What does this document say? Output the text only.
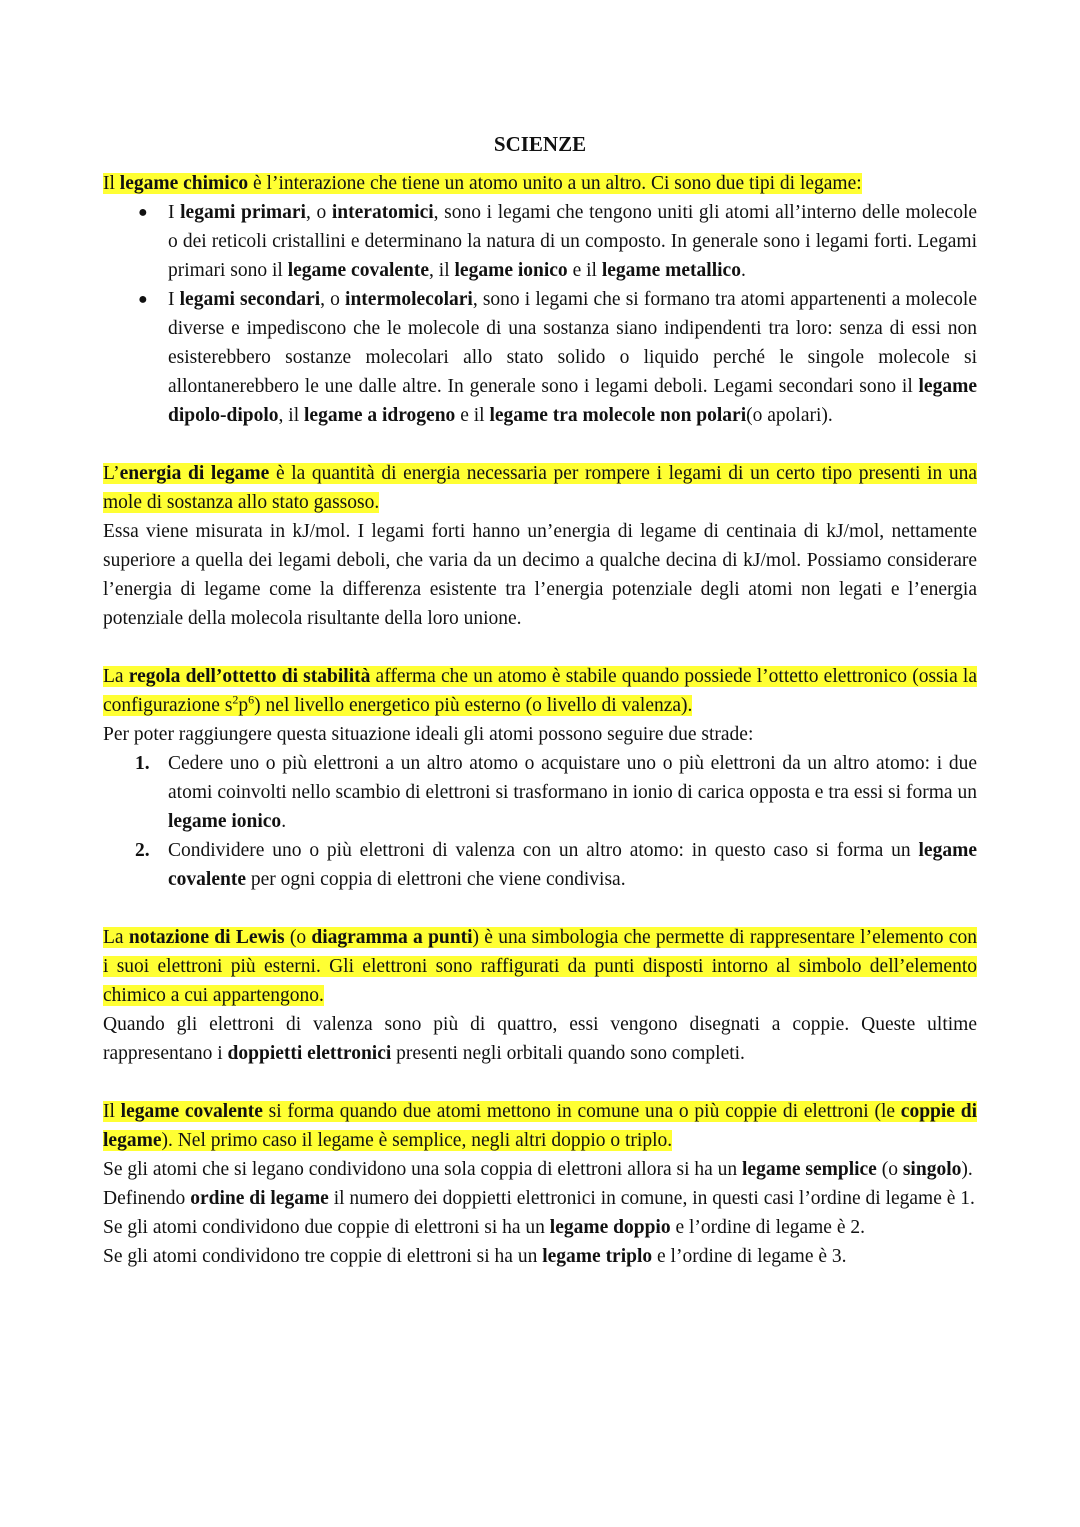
SCIENZE

Il legame chimico è l’interazione che tiene un atomo unito a un altro. Ci sono due tipi di legame:

● I legami primari, o interatomici, sono i legami che tengono uniti gli atomi all’interno delle molecole o dei reticoli cristallini e determinano la natura di un composto. In generale sono i legami forti. Legami primari sono il legame covalente, il legame ionico e il legame metallico.
● I legami secondari, o intermolecolari, sono i legami che si formano tra atomi appartenenti a molecole diverse e impediscono che le molecole di una sostanza siano indipendenti tra loro: senza di essi non esisterebbero sostanze molecolari allo stato solido o liquido perché le singole molecole si allontanerebbero le une dalle altre. In generale sono i legami deboli. Legami secondari sono il legame dipolo-dipolo, il legame a idrogeno e il legame tra molecole non polari(o apolari).

L’energia di legame è la quantità di energia necessaria per rompere i legami di un certo tipo presenti in una mole di sostanza allo stato gassoso.

Essa viene misurata in kJ/mol. I legami forti hanno un’energia di legame di centinaia di kJ/mol, nettamente superiore a quella dei legami deboli, che varia da un decimo a qualche decina di kJ/mol. Possiamo considerare l’energia di legame come la differenza esistente tra l’energia potenziale degli atomi non legati e l’energia potenziale della molecola risultante della loro unione.

La regola dell’ottetto di stabilità afferma che un atomo è stabile quando possiede l’ottetto elettronico (ossia la configurazione $s^2p^6$) nel livello energetico più esterno (o livello di valenza).

Per poter raggiungere questa situazione ideali gli atomi possono seguire due strade:

1. Cedere uno o più elettroni a un altro atomo o acquistare uno o più elettroni da un altro atomo: i due atomi coinvolti nello scambio di elettroni si trasformano in ionio di carica opposta e tra essi si forma un legame ionico.
2. Condividere uno o più elettroni di valenza con un altro atomo: in questo caso si forma un legame covalente per ogni coppia di elettroni che viene condivisa.

La notazione di Lewis (o diagramma a punti) è una simbologia che permette di rappresentare l’elemento con i suoi elettroni più esterni. Gli elettroni sono raffigurati da punti disposti intorno al simbolo dell’elemento chimico a cui appartengono.

Quando gli elettroni di valenza sono più di quattro, essi vengono disegnati a coppie. Queste ultime rappresentano i doppietti elettronici presenti negli orbitali quando sono completi.

Il legame covalente si forma quando due atomi mettono in comune una o più coppie di elettroni (le coppie di legame). Nel primo caso il legame è semplice, negli altri doppio o triplo.

Se gli atomi che si legano condividono una sola coppia di elettroni allora si ha un legame semplice (o singolo).

Definendo ordine di legame il numero dei doppietti elettronici in comune, in questi casi l’ordine di legame è 1.

Se gli atomi condividono due coppie di elettroni si ha un legame doppio e l’ordine di legame è 2.

Se gli atomi condividono tre coppie di elettroni si ha un legame triplo e l’ordine di legame è 3.
